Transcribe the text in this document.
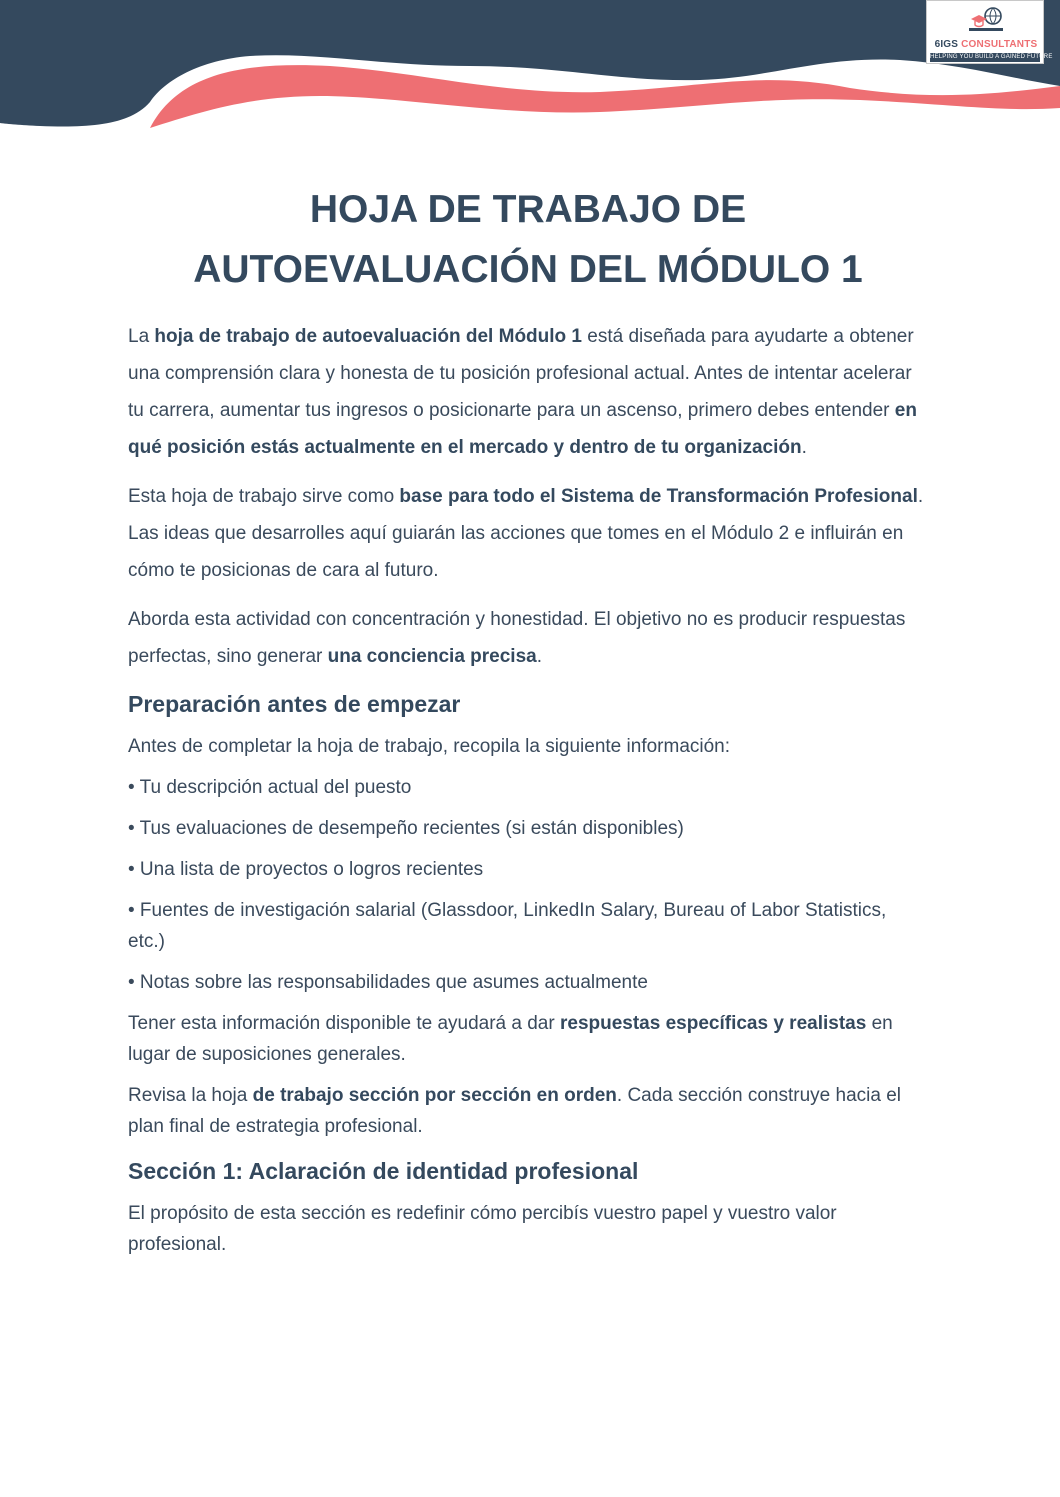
6IGS CONSULTANTS
HELPING YOU BUILD A GAINED FUTURE
HOJA DE TRABAJO DE
AUTOEVALUACIÓN DEL MÓDULO 1

La hoja de trabajo de autoevaluación del Módulo 1 está diseñada para ayudarte a obtener una comprensión clara y honesta de tu posición profesional actual. Antes de intentar acelerar tu carrera, aumentar tus ingresos o posicionarte para un ascenso, primero debes entender en qué posición estás actualmente en el mercado y dentro de tu organización.

Esta hoja de trabajo sirve como base para todo el Sistema de Transformación Profesional. Las ideas que desarrolles aquí guiarán las acciones que tomes en el Módulo 2 e influirán en cómo te posicionas de cara al futuro.

Aborda esta actividad con concentración y honestidad. El objetivo no es producir respuestas perfectas, sino generar una conciencia precisa.

Preparación antes de empezar

Antes de completar la hoja de trabajo, recopila la siguiente información:

• Tu descripción actual del puesto

• Tus evaluaciones de desempeño recientes (si están disponibles)

• Una lista de proyectos o logros recientes

• Fuentes de investigación salarial (Glassdoor, LinkedIn Salary, Bureau of Labor Statistics, etc.)

• Notas sobre las responsabilidades que asumes actualmente

Tener esta información disponible te ayudará a dar respuestas específicas y realistas en lugar de suposiciones generales.

Revisa la hoja de trabajo sección por sección en orden. Cada sección construye hacia el plan final de estrategia profesional.

Sección 1: Aclaración de identidad profesional

El propósito de esta sección es redefinir cómo percibís vuestro papel y vuestro valor profesional.
